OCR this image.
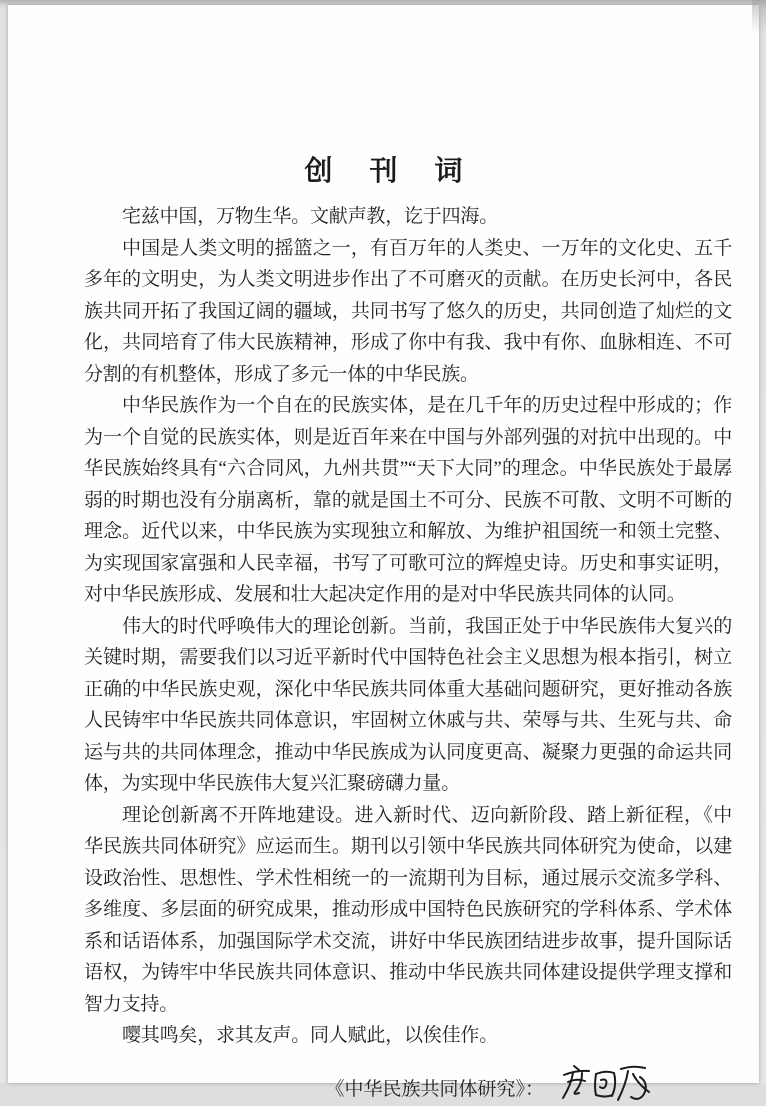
创刊词

宅兹中国，万物生华。文献声教，讫于四海。

中国是人类文明的摇篮之一，有百万年的人类史、一万年的文化史、五千多年的文明史，为人类文明进步作出了不可磨灭的贡献。在历史长河中，各民族共同开拓了我国辽阔的疆域，共同书写了悠久的历史，共同创造了灿烂的文化，共同培育了伟大民族精神，形成了你中有我、我中有你、血脉相连、不可分割的有机整体，形成了多元一体的中华民族。

中华民族作为一个自在的民族实体，是在几千年的历史过程中形成的；作为一个自觉的民族实体，则是近百年来在中国与外部列强的对抗中出现的。中华民族始终具有“六合同风，九州共贯”“天下大同”的理念。中华民族处于最孱弱的时期也没有分崩离析，靠的就是国土不可分、民族不可散、文明不可断的理念。近代以来，中华民族为实现独立和解放、为维护祖国统一和领土完整、为实现国家富强和人民幸福，书写了可歌可泣的辉煌史诗。历史和事实证明，对中华民族形成、发展和壮大起决定作用的是对中华民族共同体的认同。

伟大的时代呼唤伟大的理论创新。当前，我国正处于中华民族伟大复兴的关键时期，需要我们以习近平新时代中国特色社会主义思想为根本指引，树立正确的中华民族史观，深化中华民族共同体重大基础问题研究，更好推动各族人民铸牢中华民族共同体意识，牢固树立休戚与共、荣辱与共、生死与共、命运与共的共同体理念，推动中华民族成为认同度更高、凝聚力更强的命运共同体，为实现中华民族伟大复兴汇聚磅礴力量。

理论创新离不开阵地建设。进入新时代、迈向新阶段、踏上新征程，《中华民族共同体研究》应运而生。期刊以引领中华民族共同体研究为使命，以建设政治性、思想性、学术性相统一的一流期刊为目标，通过展示交流多学科、多维度、多层面的研究成果，推动形成中国特色民族研究的学科体系、学术体系和话语体系，加强国际学术交流，讲好中华民族团结进步故事，提升国际话语权，为铸牢中华民族共同体意识、推动中华民族共同体建设提供学理支撑和智力支持。

嘤其鸣矣，求其友声。同人赋此，以俟佳作。

《中华民族共同体研究》：
